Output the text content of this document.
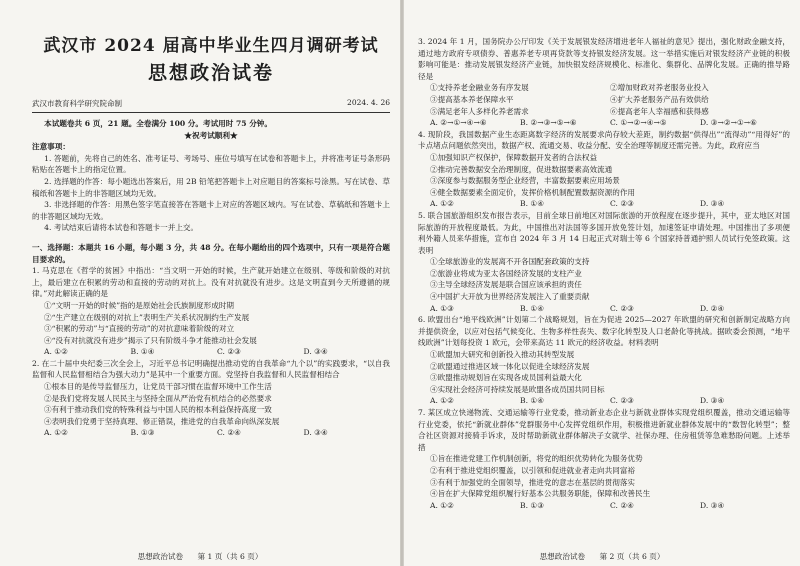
武汉市 2024 届高中毕业生四月调研考试
思想政治试卷
武汉市教育科学研究院命制	2024. 4. 26

本试题卷共 6 页，21 题。全卷满分 100 分。考试用时 75 分钟。

★祝考试顺利★

注意事项：

1. 答题前，先将自己的姓名、准考证号、考场号、座位号填写在试卷和答题卡上，并将准考证号条形码粘贴在答题卡上的指定位置。

2. 选择题的作答：每小题选出答案后，用 2B 铅笔把答题卡上对应题目的答案标号涂黑。写在试卷、草稿纸和答题卡上的非答题区域均无效。

3. 非选择题的作答：用黑色签字笔直接答在答题卡上对应的答题区域内。写在试卷、草稿纸和答题卡上的非答题区域均无效。

4. 考试结束后请将本试卷和答题卡一并上交。

一、选择题：本题共 16 小题，每小题 3 分，共 48 分。在每小题给出的四个选项中，只有一项是符合题目要求的。

1. 马克思在《哲学的贫困》中指出：“当文明一开始的时候，生产就开始建立在级别、等级和阶级的对抗上，最后建立在积累的劳动和直接的劳动的对抗上。没有对抗就没有进步。这是文明直到今天所遵循的规律。”对此解读正确的是

①“文明一开始的时候”指的是原始社会氏族制度形成时期

②“生产建立在级别的对抗上”表明生产关系状况制约生产发展

③“积累的劳动”与“直接的劳动”的对抗意味着阶级的对立

④“没有对抗就没有进步”揭示了只有阶级斗争才能推动社会发展

A. ①②	B. ①④	C. ②③	D. ③④

2. 在二十届中央纪委三次全会上，习近平总书记明确提出推动党的自我革命“九个以”的实践要求，“以自我监督和人民监督相结合为强大动力”是其中一个重要方面。党坚持自我监督和人民监督相结合

①根本目的是传导监督压力，让党员干部习惯在监督环境中工作生活

②是我们党将发展人民民主与坚持全面从严治党有机结合的必然要求

③有利于推动我们党的特殊利益与中国人民的根本利益保持高度一致

④表明我们党勇于坚持真理、修正错误，推进党的自我革命向纵深发展

A. ①②	B. ①③	C. ②④	D. ③④
思想政治试卷 第 1 页（共 6 页）

3. 2024 年 1 月，国务院办公厅印发《关于发展银发经济增进老年人福祉的意见》提出，强化财政金融支持，通过地方政府专项债券、普惠养老专项再贷款等支持银发经济发展。这一举措实施后对银发经济产业链的积极影响可能是：推动发展银发经济产业链，加快银发经济规模化、标准化、集群化、品牌化发展。正确的推导路径是

①支持养老金融业务有序发展	②增加财政对养老服务业投入
③提高基本养老保障水平	④扩大养老服务产品有效供给
⑤满足老年人多样化养老需求	⑥提高老年人幸福感和获得感
A. ②→①→④→⑥	B. ②→③→⑤→⑥	C. ①→②→④→⑤	D. ③→②→①→⑥

4. 现阶段，我国数据产业生态距离数字经济的发展要求尚存较大差距，制约数据“供得出”“流得动”“用得好”的卡点堵点问题依然突出，数据产权、流通交易、收益分配、安全治理等制度还需完善。为此，政府应当

①加强知识产权保护，保障数据开发者的合法权益

②推动完善数据安全治理制度，促进数据要素高效流通

③深度参与数据服务型企业经营，丰富数据要素应用场景

④健全数据要素全面定价，发挥价格机制配置数据资源的作用

A. ①②	B. ①④	C. ②③	D. ③④

5. 联合国旅游组织发布报告表示，目前全球日前地区对国际旅游的开放程度在逐步提升，其中，亚太地区对国际旅游的开放程度最低。为此，中国推出对法国等多国开放免签计划，加速签证申请处理。中国推出了多项便利外籍人员来华措施，宣布自 2024 年 3 月 14 日起正式对瑞士等 6 个国家持普通护照人员试行免签政策。这表明

①全球旅游业的发展离不开各国配套政策的支持

②旅游业将成为亚太各国经济发展的支柱产业

③主导全球经济发展是联合国应该承担的责任

④中国扩大开放为世界经济发展注入了重要贡献

A. ①③	B. ①④	C. ②③	D. ②④

6. 欧盟出台“地平线欧洲”计划第二个战略规划，旨在为促进 2025—2027 年欧盟的研究和创新制定战略方向并提供资金，以应对包括气候变化、生物多样性丧失、数字化转型及人口老龄化等挑战。据欧委会预测，“地平线欧洲”计划每投资 1 欧元，会带来高达 11 欧元的经济收益。材料表明

①欧盟加大研究和创新投入推动其转型发展

②欧盟通过推进区域一体化以促进全球经济发展

③欧盟推动规划旨在实现各成员国利益最大化

④实现社会经济可持续发展是欧盟各成员国共同目标

A. ①②	B. ①④	C. ②③	D. ③④

7. 某区成立快递物流、交通运输等行业党委，推动新业态企业与新就业群体实现党组织覆盖，推动交通运输等行业党委，依托“新就业群体”党群服务中心发挥党组织作用，积极推进新就业群体发展中的“数智化转型”；整合社区资源对接骑手诉求，及时帮助新就业群体解决子女就学、社保办理、住房租赁等急难愁盼问题。上述举措

①旨在推进党建工作机制创新，将党的组织优势转化为服务优势

②有利于推进党组织覆盖，以引领和促进就业者走向共同富裕

③有利于加强党的全面领导，推进党的意志在基层的贯彻落实

④旨在扩大保障党组织履行好基本公共服务职能，保障和改善民生

A. ①②	B. ①③	C. ②④	D. ③④
思想政治试卷 第 2 页（共 6 页）
